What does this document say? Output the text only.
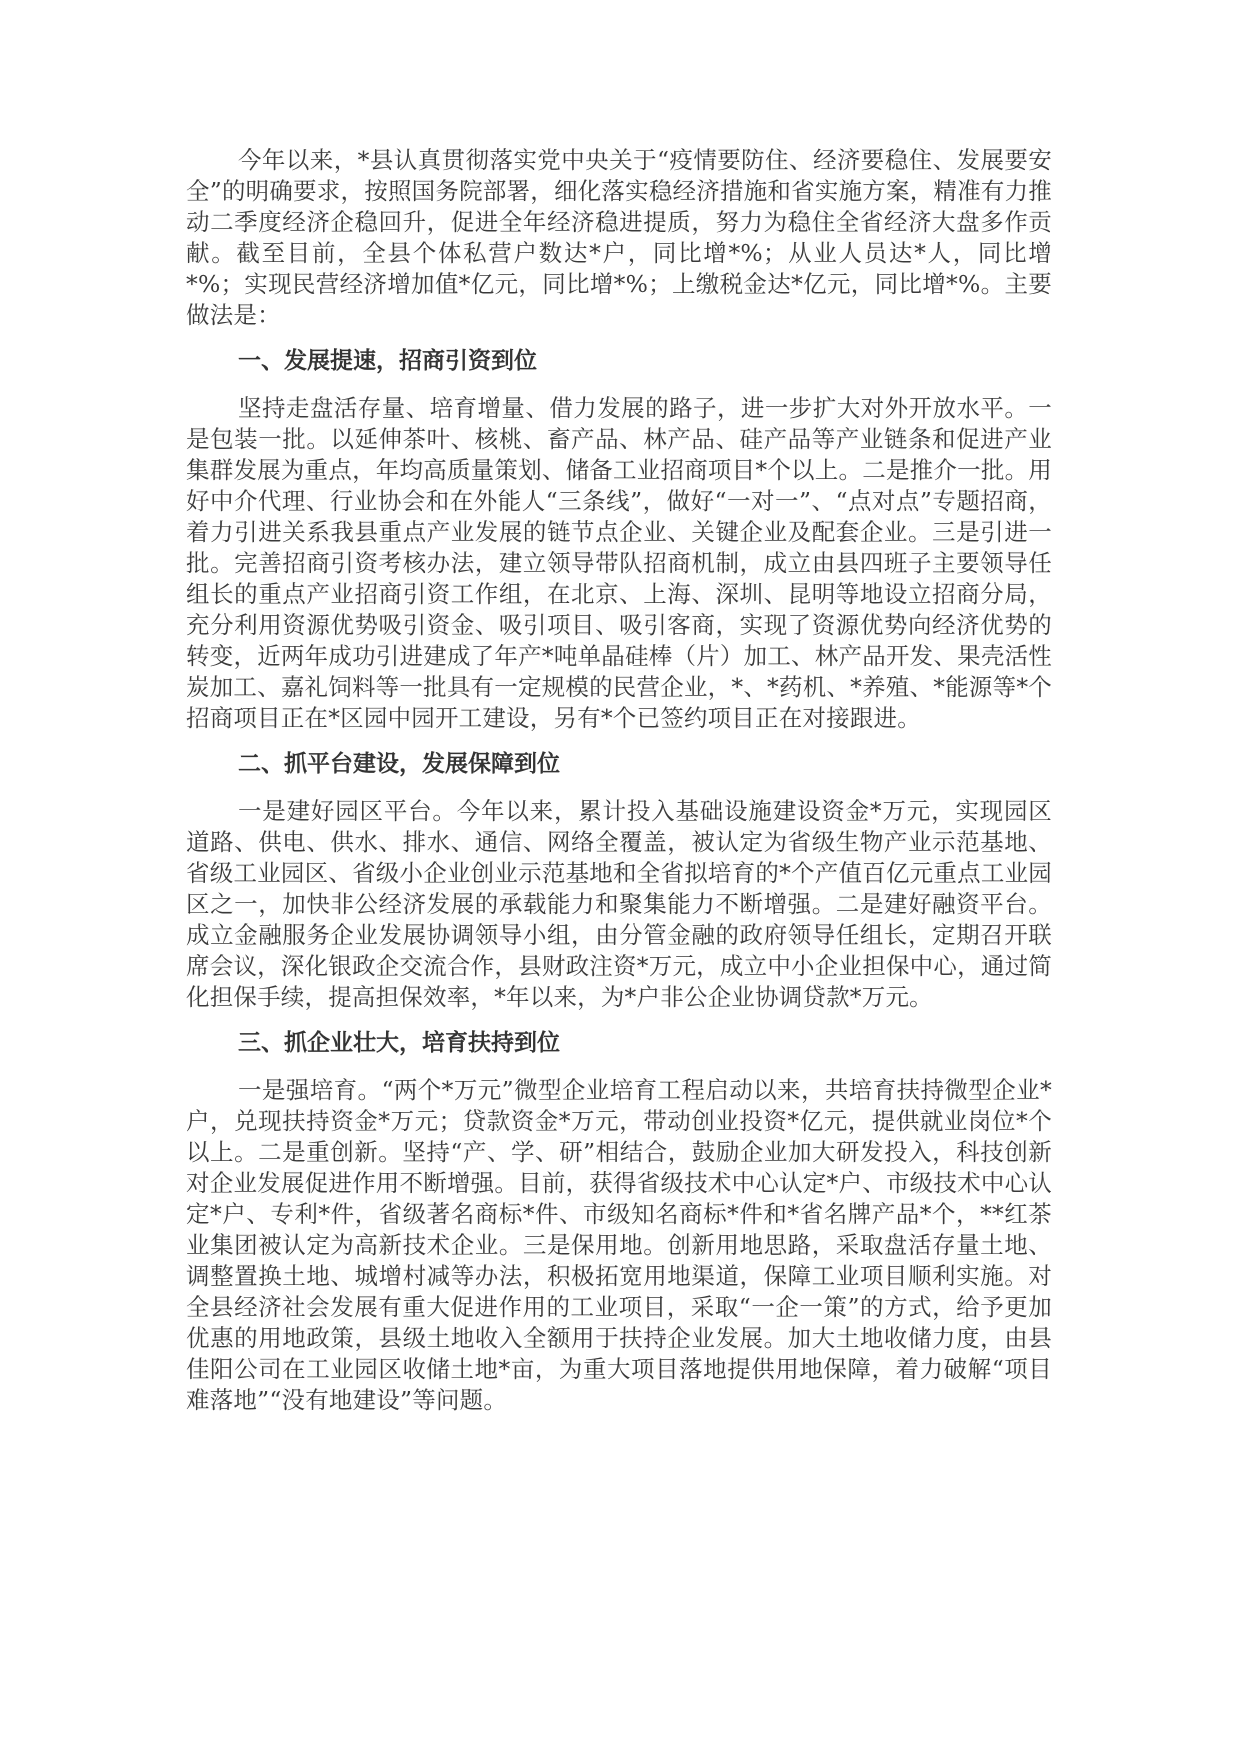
今年以来，*县认真贯彻落实党中央关于“疫情要防住、经济要稳住、发展要安全”的明确要求，按照国务院部署，细化落实稳经济措施和省实施方案，精准有力推动二季度经济企稳回升，促进全年经济稳进提质，努力为稳住全省经济大盘多作贡献。截至目前，全县个体私营户数达*户，同比增*%；从业人员达*人，同比增*%；实现民营经济增加值*亿元，同比增*%；上缴税金达*亿元，同比增*%。主要做法是：

一、发展提速，招商引资到位

坚持走盘活存量、培育增量、借力发展的路子，进一步扩大对外开放水平。一是包装一批。以延伸茶叶、核桃、畜产品、林产品、硅产品等产业链条和促进产业集群发展为重点，年均高质量策划、储备工业招商项目*个以上。二是推介一批。用好中介代理、行业协会和在外能人“三条线”，做好“一对一”、“点对点”专题招商，着力引进关系我县重点产业发展的链节点企业、关键企业及配套企业。三是引进一批。完善招商引资考核办法，建立领导带队招商机制，成立由县四班子主要领导任组长的重点产业招商引资工作组，在北京、上海、深圳、昆明等地设立招商分局，充分利用资源优势吸引资金、吸引项目、吸引客商，实现了资源优势向经济优势的转变，近两年成功引进建成了年产*吨单晶硅棒（片）加工、林产品开发、果壳活性炭加工、嘉礼饲料等一批具有一定规模的民营企业，*、*药机、*养殖、*能源等*个招商项目正在*区园中园开工建设，另有*个已签约项目正在对接跟进。

二、抓平台建设，发展保障到位

一是建好园区平台。今年以来，累计投入基础设施建设资金*万元，实现园区道路、供电、供水、排水、通信、网络全覆盖，被认定为省级生物产业示范基地、省级工业园区、省级小企业创业示范基地和全省拟培育的*个产值百亿元重点工业园区之一，加快非公经济发展的承载能力和聚集能力不断增强。二是建好融资平台。成立金融服务企业发展协调领导小组，由分管金融的政府领导任组长，定期召开联席会议，深化银政企交流合作，县财政注资*万元，成立中小企业担保中心，通过简化担保手续，提高担保效率，*年以来，为*户非公企业协调贷款*万元。

三、抓企业壮大，培育扶持到位

一是强培育。“两个*万元”微型企业培育工程启动以来，共培育扶持微型企业*户，兑现扶持资金*万元；贷款资金*万元，带动创业投资*亿元，提供就业岗位*个以上。二是重创新。坚持“产、学、研”相结合，鼓励企业加大研发投入，科技创新对企业发展促进作用不断增强。目前，获得省级技术中心认定*户、市级技术中心认定*户、专利*件，省级著名商标*件、市级知名商标*件和*省名牌产品*个，**红茶业集团被认定为高新技术企业。三是保用地。创新用地思路，采取盘活存量土地、调整置换土地、城增村减等办法，积极拓宽用地渠道，保障工业项目顺利实施。对全县经济社会发展有重大促进作用的工业项目，采取“一企一策”的方式，给予更加优惠的用地政策，县级土地收入全额用于扶持企业发展。加大土地收储力度，由县佳阳公司在工业园区收储土地*亩，为重大项目落地提供用地保障，着力破解“项目难落地”“没有地建设”等问题。
